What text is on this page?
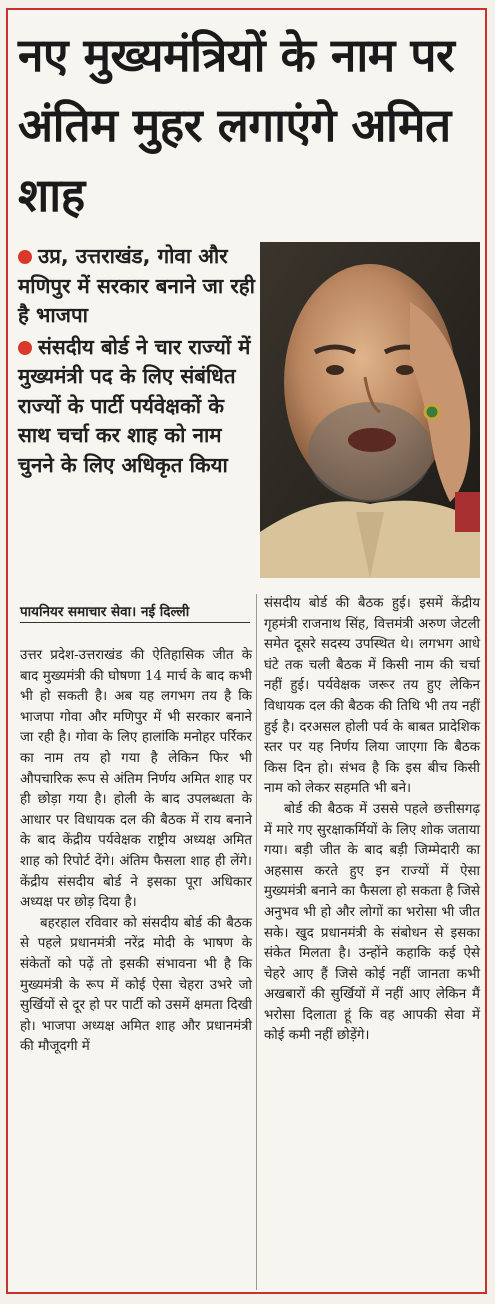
नए मुख्यमंत्रियों के नाम पर अंतिम मुहर लगाएंगे अमित शाह
उप्र, उत्तराखंड, गोवा और मणिपुर में सरकार बनाने जा रही है भाजपा
संसदीय बोर्ड ने चार राज्यों में मुख्यमंत्री पद के लिए संबंधित राज्यों के पार्टी पर्यवेक्षकों के साथ चर्चा कर शाह को नाम चुनने के लिए अधिकृत किया
पायनियर समाचार सेवा। नई दिल्ली

उत्तर प्रदेश-उत्तराखंड की ऐतिहासिक जीत के बाद मुख्यमंत्री की घोषणा 14 मार्च के बाद कभी भी हो सकती है। अब यह लगभग तय है कि भाजपा गोवा और मणिपुर में भी सरकार बनाने जा रही है। गोवा के लिए हालांकि मनोहर पर्रिकर का नाम तय हो गया है लेकिन फिर भी औपचारिक रूप से अंतिम निर्णय अमित शाह पर ही छोड़ा गया है। होली के बाद उपलब्धता के आधार पर विधायक दल की बैठक में राय बनाने के बाद केंद्रीय पर्यवेक्षक राष्ट्रीय अध्यक्ष अमित शाह को रिपोर्ट देंगे। अंतिम फैसला शाह ही लेंगे। केंद्रीय संसदीय बोर्ड ने इसका पूरा अधिकार अध्यक्ष पर छोड़ दिया है।

बहरहाल रविवार को संसदीय बोर्ड की बैठक से पहले प्रधानमंत्री नरेंद्र मोदी के भाषण के संकेतों को पढ़ें तो इसकी संभावना भी है कि मुख्यमंत्री के रूप में कोई ऐसा चेहरा उभरे जो सुर्खियों से दूर हो पर पार्टी को उसमें क्षमता दिखी हो। भाजपा अध्यक्ष अमित शाह और प्रधानमंत्री की मौजूदगी में

संसदीय बोर्ड की बैठक हुई। इसमें केंद्रीय गृहमंत्री राजनाथ सिंह, वित्तमंत्री अरुण जेटली समेत दूसरे सदस्य उपस्थित थे। लगभग आधे घंटे तक चली बैठक में किसी नाम की चर्चा नहीं हुई। पर्यवेक्षक जरूर तय हुए लेकिन विधायक दल की बैठक की तिथि भी तय नहीं हुई है। दरअसल होली पर्व के बाबत प्रादेशिक स्तर पर यह निर्णय लिया जाएगा कि बैठक किस दिन हो। संभव है कि इस बीच किसी नाम को लेकर सहमति भी बने।

बोर्ड की बैठक में उससे पहले छत्तीसगढ़ में मारे गए सुरक्षाकर्मियों के लिए शोक जताया गया। बड़ी जीत के बाद बड़ी जिम्मेदारी का अहसास करते हुए इन राज्यों में ऐसा मुख्यमंत्री बनाने का फैसला हो सकता है जिसे अनुभव भी हो और लोगों का भरोसा भी जीत सके। खुद प्रधानमंत्री के संबोधन से इसका संकेत मिलता है। उन्होंने कहाकि कई ऐसे चेहरे आए हैं जिसे कोई नहीं जानता कभी अखबारों की सुर्खियों में नहीं आए लेकिन मैं भरोसा दिलाता हूं कि वह आपकी सेवा में कोई कमी नहीं छोड़ेंगे।
